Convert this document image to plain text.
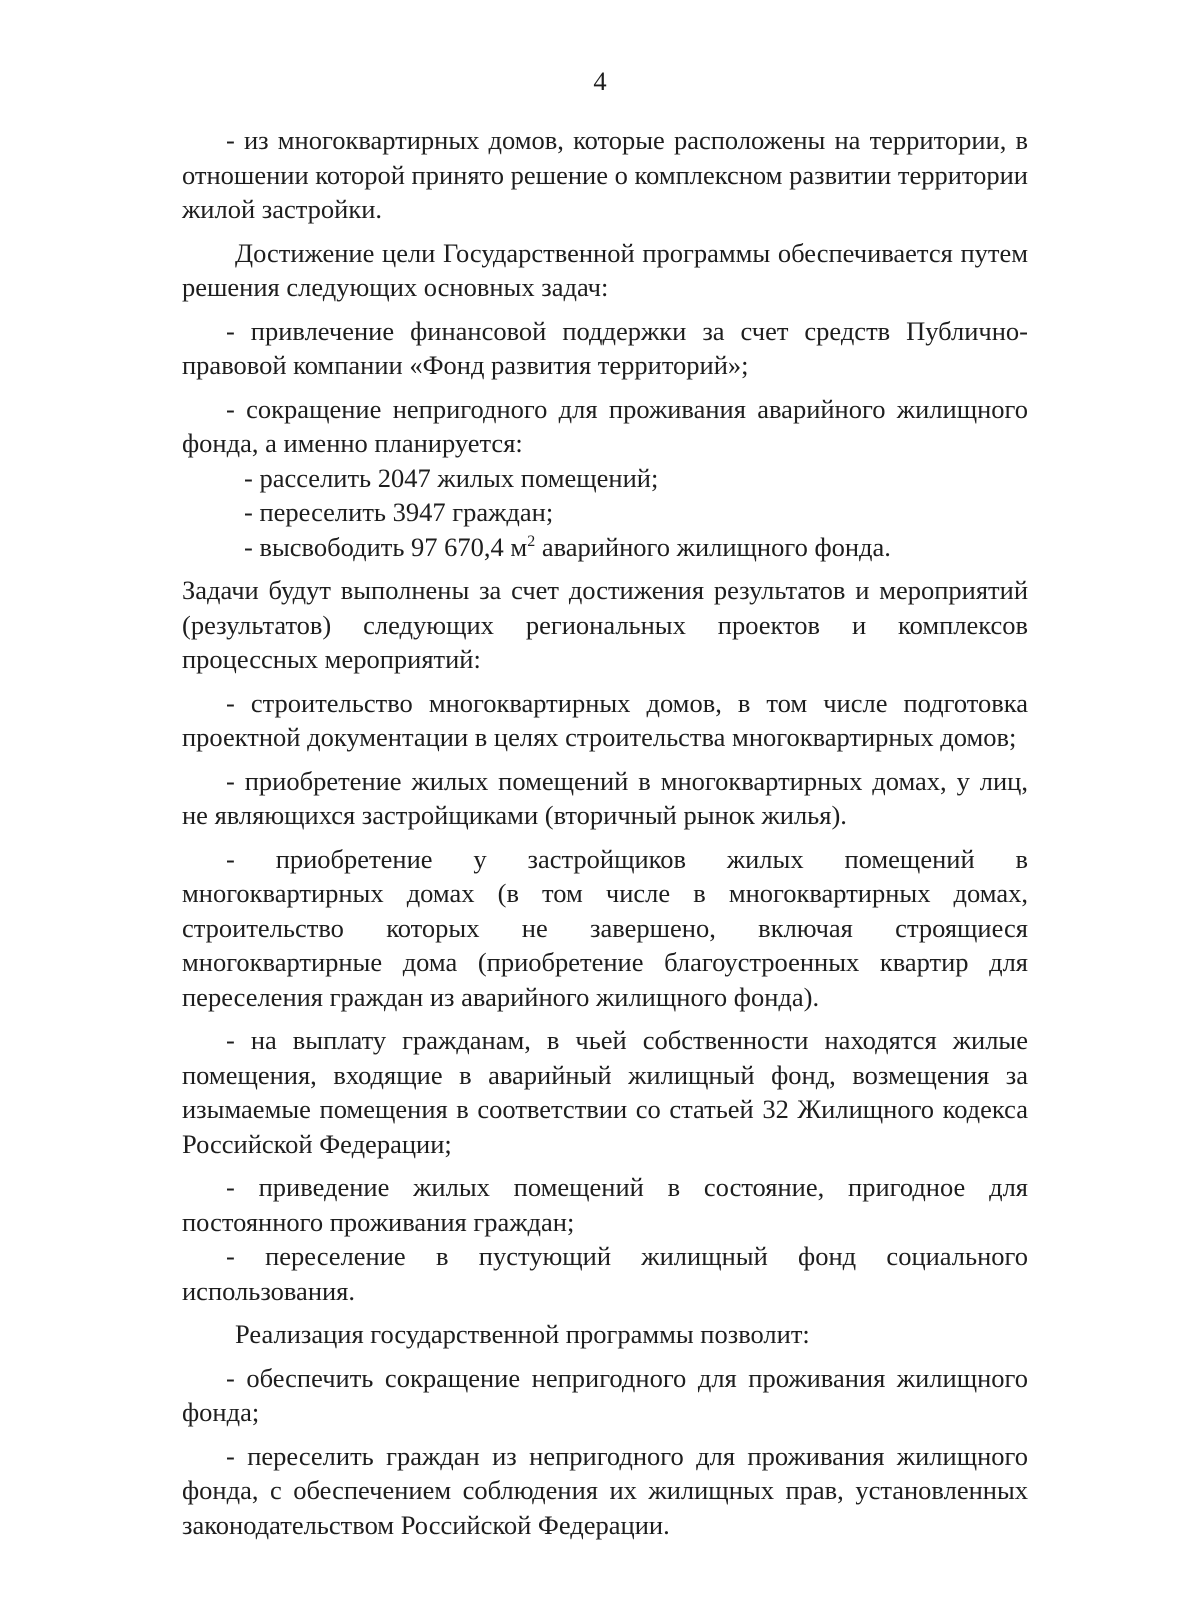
4

- из многоквартирных домов, которые расположены на территории, в отношении которой принято решение о комплексном развитии территории жилой застройки.

Достижение цели Государственной программы обеспечивается путем решения следующих основных задач:

- привлечение финансовой поддержки за счет средств Публично-правовой компании «Фонд развития территорий»;

- сокращение непригодного для проживания аварийного жилищного фонда, а именно планируется:

- расселить 2047 жилых помещений;

- переселить 3947 граждан;

- высвободить 97 670,4 $м^2$ аварийного жилищного фонда.

Задачи будут выполнены за счет достижения результатов и мероприятий (результатов) следующих региональных проектов и комплексов процессных мероприятий:

- строительство многоквартирных домов, в том числе подготовка проектной документации в целях строительства многоквартирных домов;

- приобретение жилых помещений в многоквартирных домах, у лиц, не являющихся застройщиками (вторичный рынок жилья).

- приобретение у застройщиков жилых помещений в многоквартирных домах (в том числе в многоквартирных домах, строительство которых не завершено, включая строящиеся многоквартирные дома (приобретение благоустроенных квартир для переселения граждан из аварийного жилищного фонда).

- на выплату гражданам, в чьей собственности находятся жилые помещения, входящие в аварийный жилищный фонд, возмещения за изымаемые помещения в соответствии со статьей 32 Жилищного кодекса Российской Федерации;

- приведение жилых помещений в состояние, пригодное для постоянного проживания граждан;

- переселение в пустующий жилищный фонд социального использования.

Реализация государственной программы позволит:

- обеспечить сокращение непригодного для проживания жилищного фонда;

- переселить граждан из непригодного для проживания жилищного фонда, с обеспечением соблюдения их жилищных прав, установленных законодательством Российской Федерации.
